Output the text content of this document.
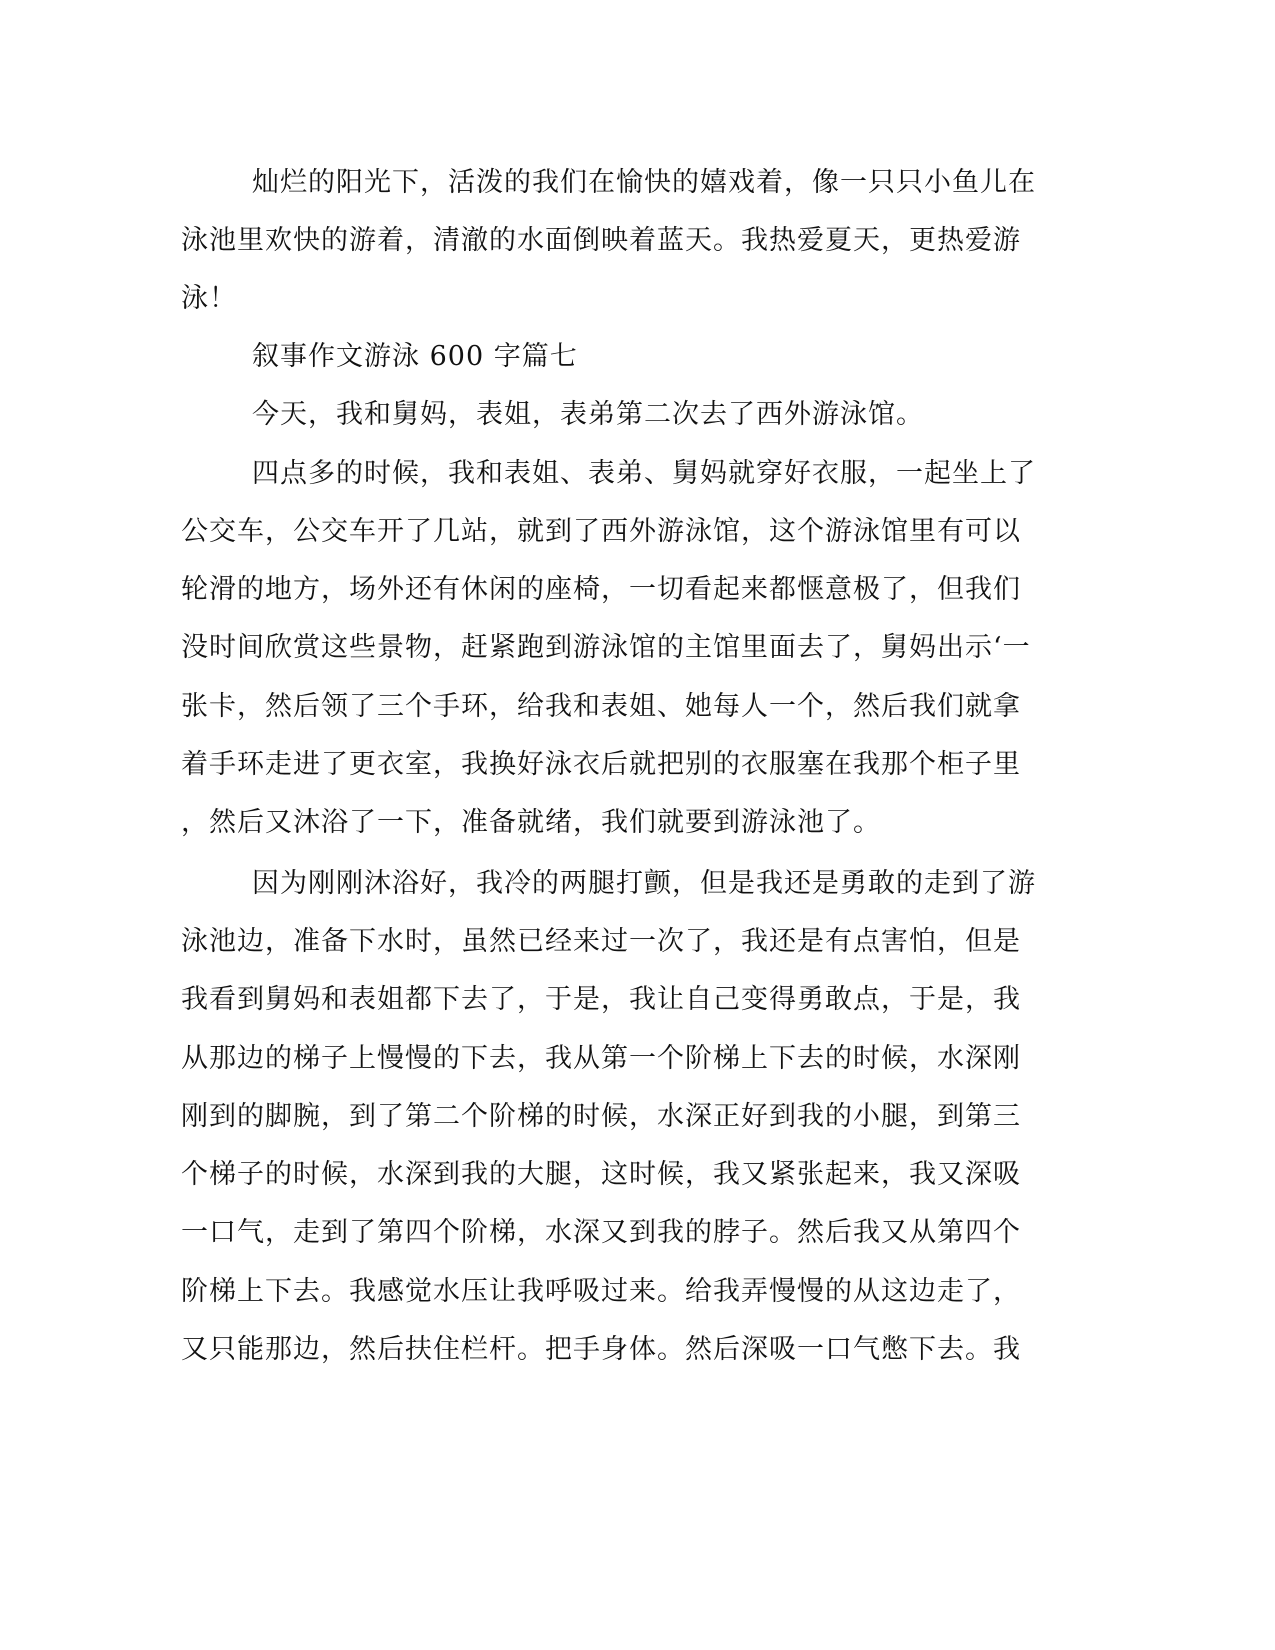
灿烂的阳光下，活泼的我们在愉快的嬉戏着，像一只只小鱼儿在
泳池里欢快的游着，清澈的水面倒映着蓝天。我热爱夏天，更热爱游
泳！
叙事作文游泳 600 字篇七
今天，我和舅妈，表姐，表弟第二次去了西外游泳馆。
四点多的时候，我和表姐、表弟、舅妈就穿好衣服，一起坐上了
公交车，公交车开了几站，就到了西外游泳馆，这个游泳馆里有可以
轮滑的地方，场外还有休闲的座椅，一切看起来都惬意极了，但我们
没时间欣赏这些景物，赶紧跑到游泳馆的主馆里面去了，舅妈出示‘一
张卡，然后领了三个手环，给我和表姐、她每人一个，然后我们就拿
着手环走进了更衣室，我换好泳衣后就把别的衣服塞在我那个柜子里
，然后又沐浴了一下，准备就绪，我们就要到游泳池了。
因为刚刚沐浴好，我冷的两腿打颤，但是我还是勇敢的走到了游
泳池边，准备下水时，虽然已经来过一次了，我还是有点害怕，但是
我看到舅妈和表姐都下去了，于是，我让自己变得勇敢点，于是，我
从那边的梯子上慢慢的下去，我从第一个阶梯上下去的时候，水深刚
刚到的脚腕，到了第二个阶梯的时候，水深正好到我的小腿，到第三
个梯子的时候，水深到我的大腿，这时候，我又紧张起来，我又深吸
一口气，走到了第四个阶梯，水深又到我的脖子。然后我又从第四个
阶梯上下去。我感觉水压让我呼吸过来。给我弄慢慢的从这边走了，
又只能那边，然后扶住栏杆。把手身体。然后深吸一口气憋下去。我
